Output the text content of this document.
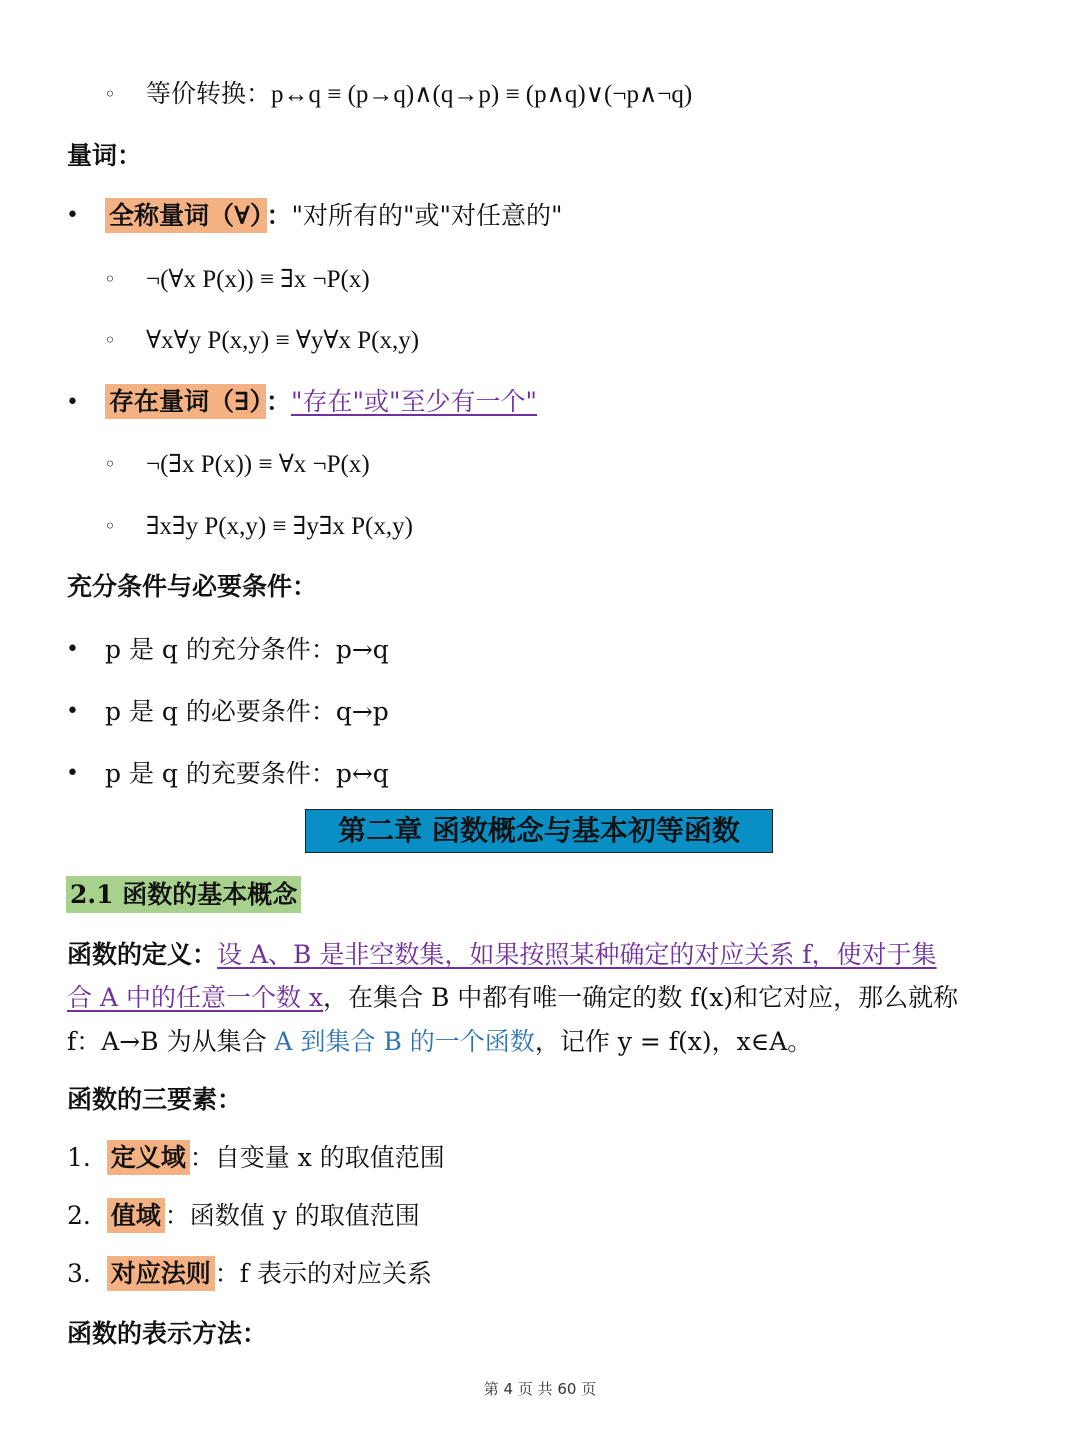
◦ 等价转换：p↔q ≡ (p→q)∧(q→p) ≡ (p∧q)∨(¬p∧¬q)
量词：
• 全称量词（∀） ："对所有的"或"对任意的"
◦ ¬(∀x P(x)) ≡ ∃x ¬P(x)
◦ ∀x∀y P(x,y) ≡ ∀y∀x P(x,y)
• 存在量词（∃） ："存在"或"至少有一个"
◦ ¬(∃x P(x)) ≡ ∀x ¬P(x)
◦ ∃x∃y P(x,y) ≡ ∃y∃x P(x,y)
充分条件与必要条件：
• p 是 q 的充分条件：p→q
• p 是 q 的必要条件：q→p
• p 是 q 的充要条件：p↔q
第二章 函数概念与基本初等函数
2.1 函数的基本概念
函数的定义：设 A、B 是非空数集，如果按照某种确定的对应关系 f，使对于集
合 A 中的任意一个数 x，在集合 B 中都有唯一确定的数 f(x)和它对应，那么就称
f：A→B 为从集合 A 到集合 B 的一个函数，记作 y = f(x)，x∈A。
函数的三要素：
1. 定义域 ：自变量 x 的取值范围
2. 值域 ：函数值 y 的取值范围
3. 对应法则 ：f 表示的对应关系
函数的表示方法：
第 4 页 共 60 页
